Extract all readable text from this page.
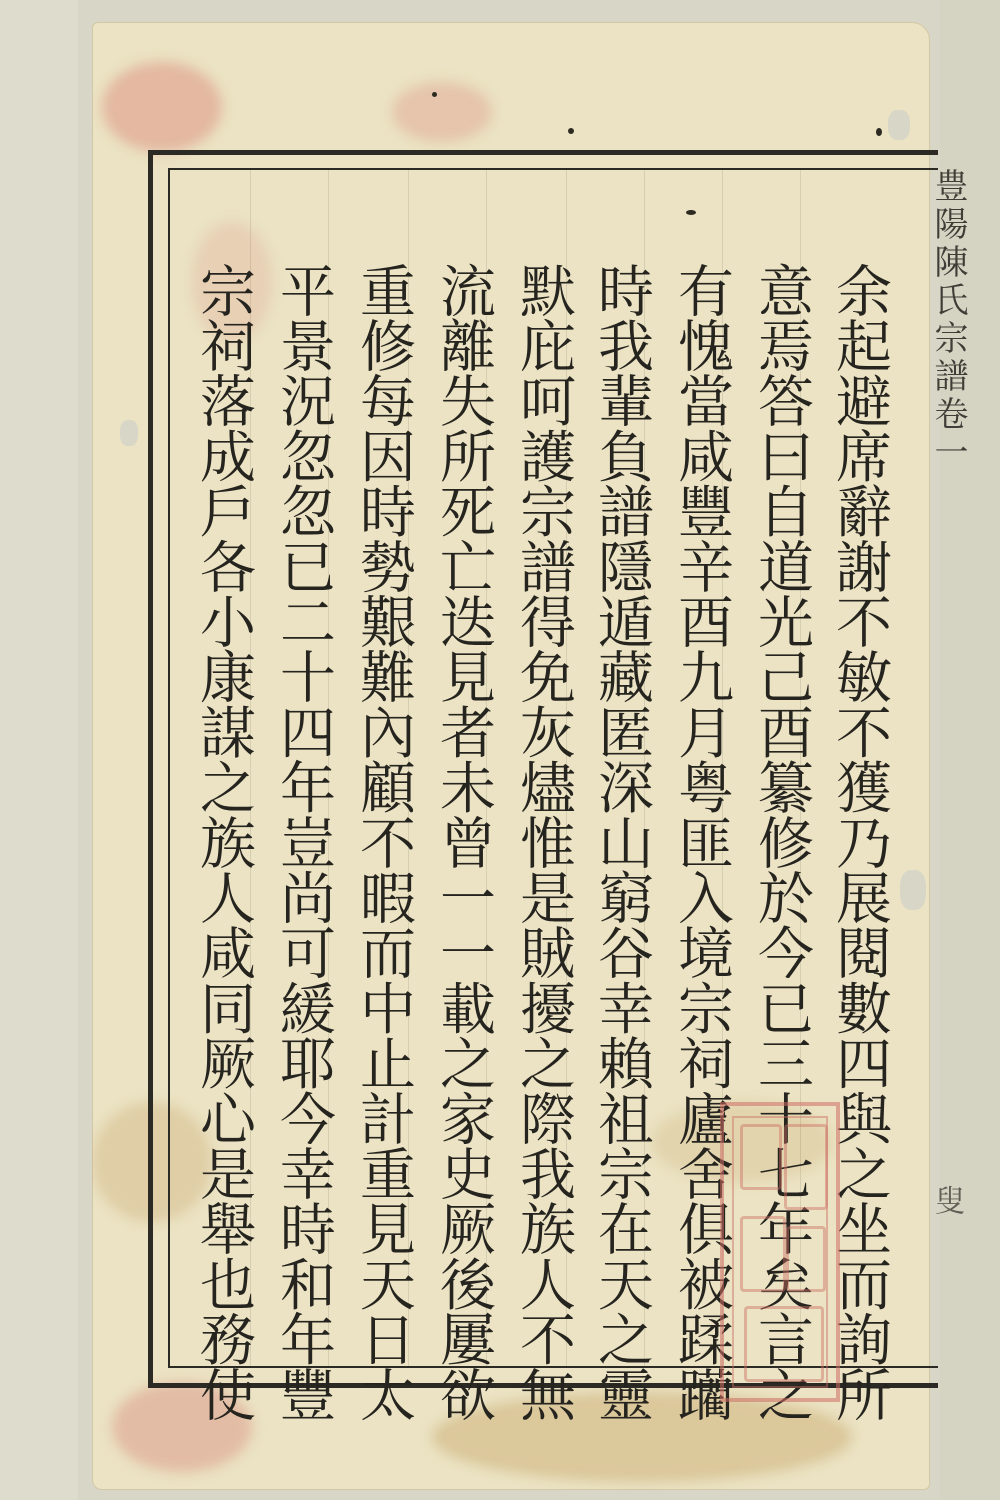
豊陽陳氏宗譜卷一
叟
余起避席辭謝不敏不獲乃展閱數四與之坐而詢所
意焉答曰自道光己酉纂修於今已三十七年矣言之
有愧當咸豐辛酉九月粤匪入境宗祠廬舍俱被蹂躪
時我輩負譜隱遁藏匿深山窮谷幸賴祖宗在天之靈
默庇呵護宗譜得免灰燼惟是賊擾之際我族人不無
流離失所死亡迭見者未曾一一載之家史厥後屢欲
重修每因時勢艱難內顧不暇而中止計重見天日太
平景況忽忽已二十四年豈尚可緩耶今幸時和年豐
宗祠落成戶各小康謀之族人咸同厥心是舉也務使
